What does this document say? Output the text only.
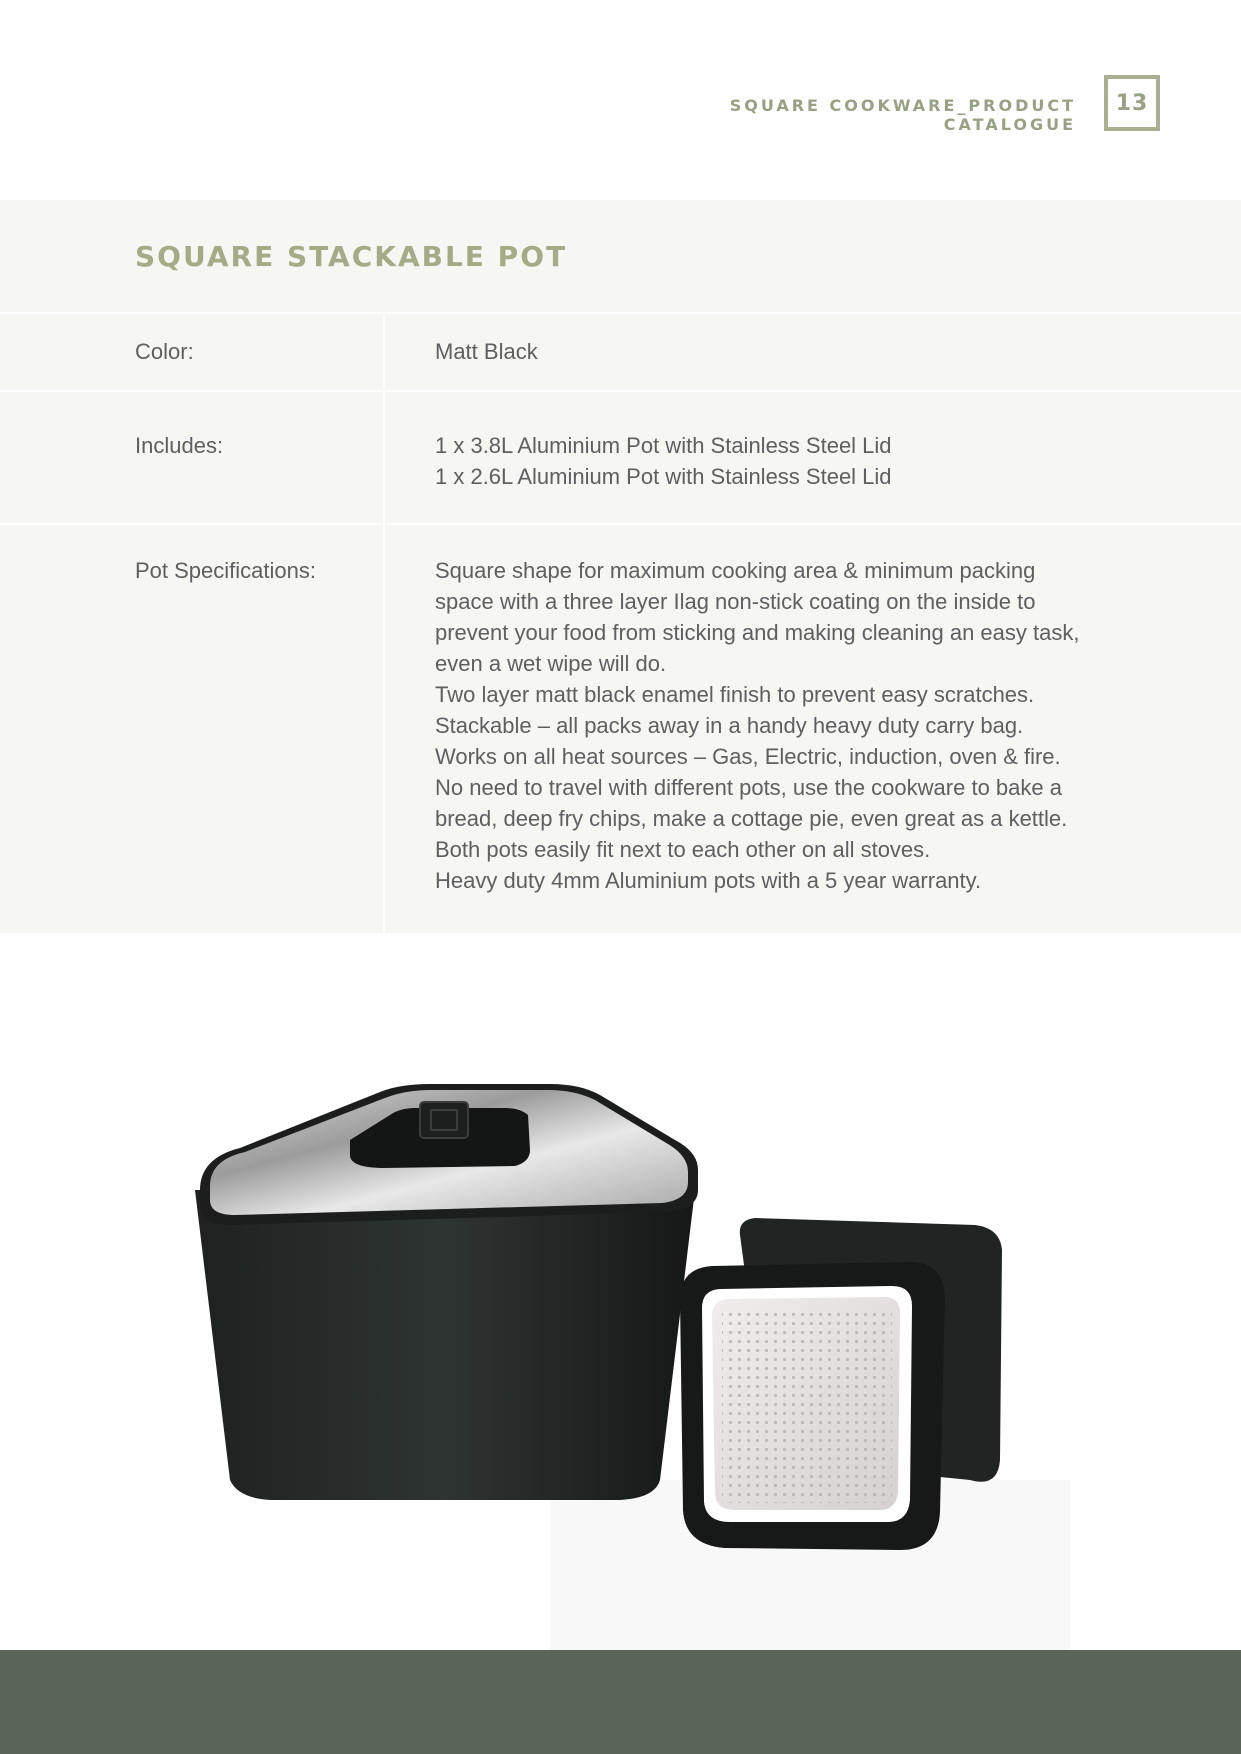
SQUARE COOKWARE_PRODUCT CATALOGUE
13
SQUARE STACKABLE POT
Color:	Matt Black
Includes:	1 x 3.8L Aluminium Pot with Stainless Steel Lid
1 x 2.6L Aluminium Pot with Stainless Steel Lid
Pot Specifications:	Square shape for maximum cooking area & minimum packing
space with a three layer Ilag non-stick coating on the inside to
prevent your food from sticking and making cleaning an easy task,
even a wet wipe will do.
Two layer matt black enamel finish to prevent easy scratches.
Stackable – all packs away in a handy heavy duty carry bag.
Works on all heat sources – Gas, Electric, induction, oven & fire.
No need to travel with different pots, use the cookware to bake a
bread, deep fry chips, make a cottage pie, even great as a kettle.
Both pots easily fit next to each other on all stoves.
Heavy duty 4mm Aluminium pots with a 5 year warranty.
